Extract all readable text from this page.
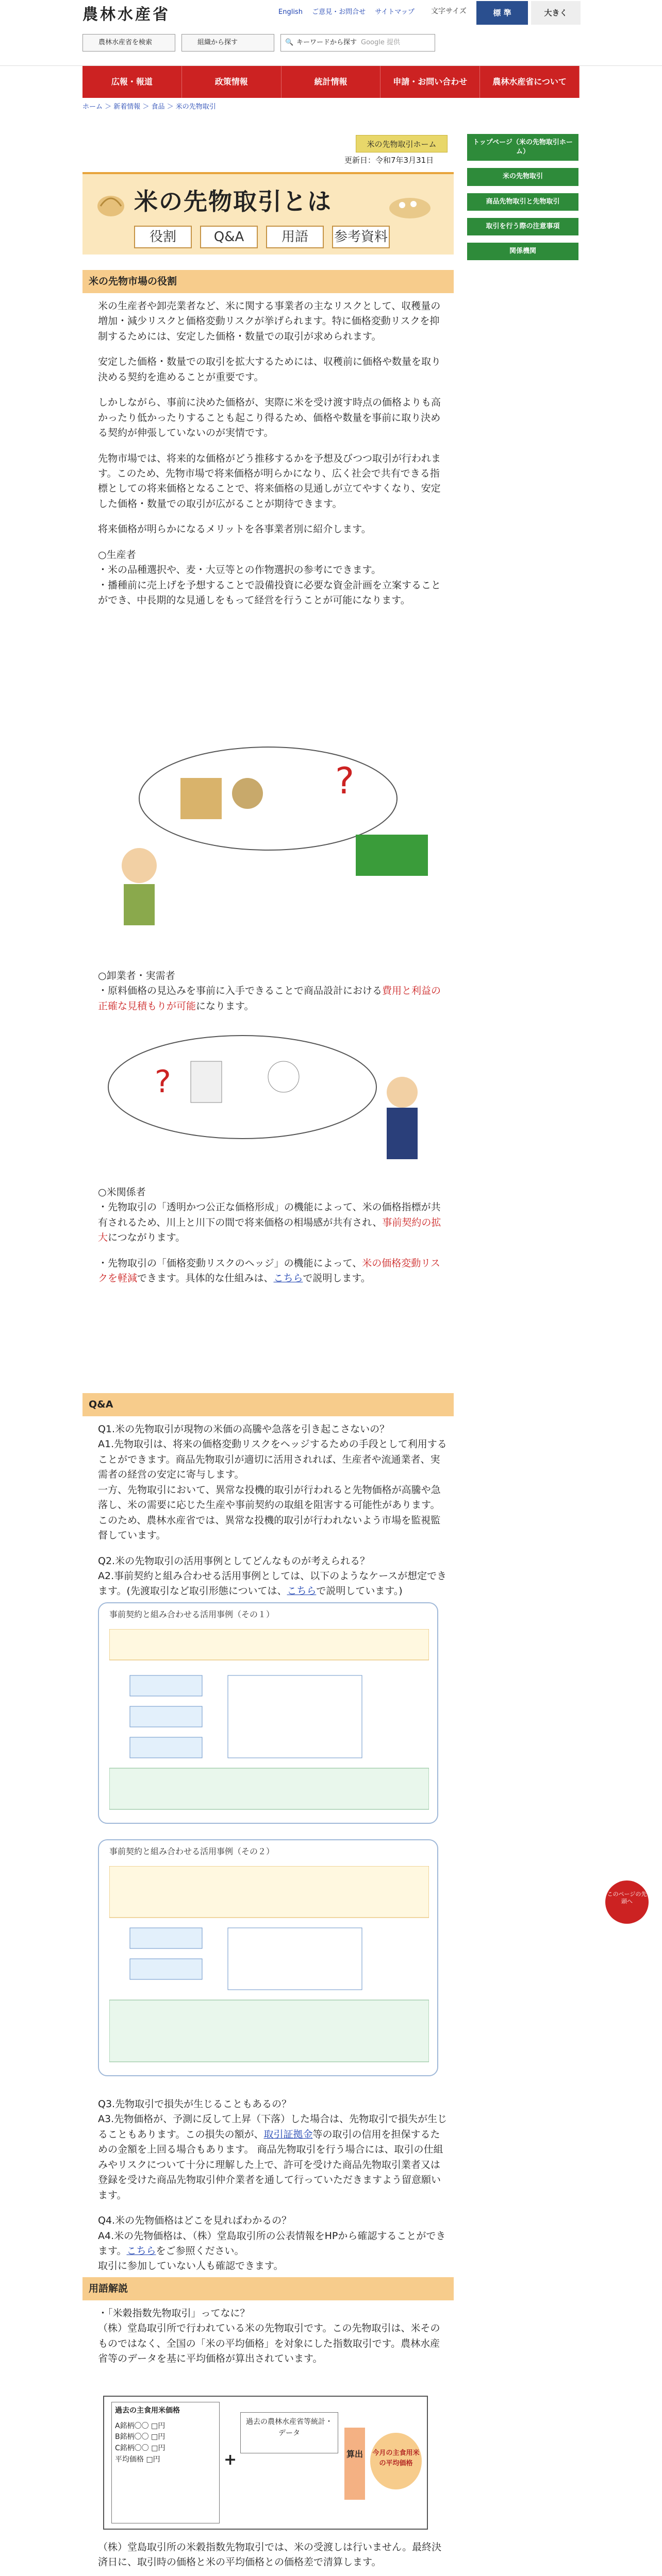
農林水産省	English ご意見・お問合せ サイトマップ	文字サイズ	標 準	大きく
農林水産省を検索	組織から探す	🔍 キーワードから探す Google 提供
広報・報道	政策情報	統計情報	申請・お問い合わせ	農林水産省について
ホーム ＞ 新着情報 ＞ 食品 ＞ 米の先物取引
トップページ（米の先物取引ホーム）
米の先物取引
商品先物取引と先物取引
取引を行う際の注意事項
関係機関
米の先物取引ホーム
更新日：令和7年3月31日
米の先物取引とは
役割	Q&A	用語	参考資料
米の先物市場の役割

米の生産者や卸売業者など、米に関する事業者の主なリスクとして、収穫量の増加・減少リスクと価格変動リスクが挙げられます。特に価格変動リスクを抑制するためには、安定した価格・数量での取引が求められます。

安定した価格・数量での取引を拡大するためには、収穫前に価格や数量を取り決める契約を進めることが重要です。

しかしながら、事前に決めた価格が、実際に米を受け渡す時点の価格よりも高かったり低かったりすることも起こり得るため、価格や数量を事前に取り決める契約が伸張していないのが実情です。

先物市場では、将来的な価格がどう推移するかを予想及びつつ取引が行われます。このため、先物市場で将来価格が明らかになり、広く社会で共有できる指標としての将来価格となることで、将来価格の見通しが立てやすくなり、安定した価格・数量での取引が広がることが期待できます。

将来価格が明らかになるメリットを各事業者別に紹介します。

○生産者
・米の品種選択や、麦・大豆等との作物選択の参考にできます。
・播種前に売上げを予想することで設備投資に必要な資金計画を立案することができ、中長期的な見通しをもって経営を行うことが可能になります。

?

○卸業者・実需者

・原料価格の見込みを事前に入手できることで商品設計における費用と利益の正確な見積もりが可能になります。

?

○米関係者

・先物取引の「透明かつ公正な価格形成」の機能によって、米の価格指標が共有されるため、川上と川下の間で将来価格の相場感が共有され、事前契約の拡大につながります。

・先物取引の「価格変動リスクのヘッジ」の機能によって、米の価格変動リスクを軽減できます。具体的な仕組みは、こちらで説明します。

Q&A

Q1.米の先物取引が現物の米価の高騰や急落を引き起こさないの？

A1.先物取引は、将来の価格変動リスクをヘッジするための手段として利用することができます。商品先物取引が適切に活用されれば、生産者や流通業者、実需者の経営の安定に寄与します。
一方、先物取引において、異常な投機的取引が行われると先物価格が高騰や急落し、米の需要に応じた生産や事前契約の取組を阻害する可能性があります。このため、農林水産省では、異常な投機的取引が行われないよう市場を監視監督しています。

Q2.米の先物取引の活用事例としてどんなものが考えられる？

A2.事前契約と組み合わせる活用事例としては、以下のようなケースが想定できます。(先渡取引など取引形態については、こちらで説明しています。)

事前契約と組み合わせる活用事例（その１）
事前契約と組み合わせる活用事例（その２）

Q3.先物取引で損失が生じることもあるの？

A3.先物価格が、予測に反して上昇（下落）した場合は、先物取引で損失が生じることもあります。この損失の額が、取引証拠金等の取引の信用を担保するための金額を上回る場合もあります。 商品先物取引を行う場合には、取引の仕組みやリスクについて十分に理解した上で、許可を受けた商品先物取引業者又は登録を受けた商品先物取引仲介業者を通して行っていただきますよう留意願います。

Q4.米の先物価格はどこを見ればわかるの？

A4.米の先物価格は、（株）堂島取引所の公表情報をHPから確認することができます。こちらをご参照ください。
取引に参加していない人も確認できます。

用語解説

・「米穀指数先物取引」ってなに？

（株）堂島取引所で行われている米の先物取引です。この先物取引は、米そのものではなく、全国の「米の平均価格」を対象にした指数取引です。農林水産省等のデータを基に平均価格が算出されています。

過去の主食用米価格
A銘柄〇〇 □円
B銘柄〇〇 □円
C銘柄〇〇 □円
平均価格 □円	+
過去の農林水産省等統計・データ
算出	今月の主食用米の平均価格

（株）堂島取引所の米穀指数先物取引では、米の受渡しは行いません。最終決済日に、取引時の価格と米の平均価格との価格差で清算します。

このページの先頭へ
